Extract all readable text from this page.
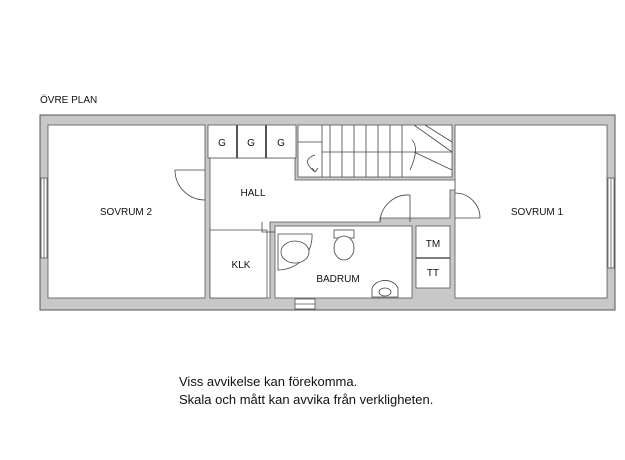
ÖVRE PLAN
SOVRUM 2	SOVRUM 1
HALL
KLK
BADRUM
G G G
TM
TT
Viss avvikelse kan förekomma.
Skala och mått kan avvika från verkligheten.
